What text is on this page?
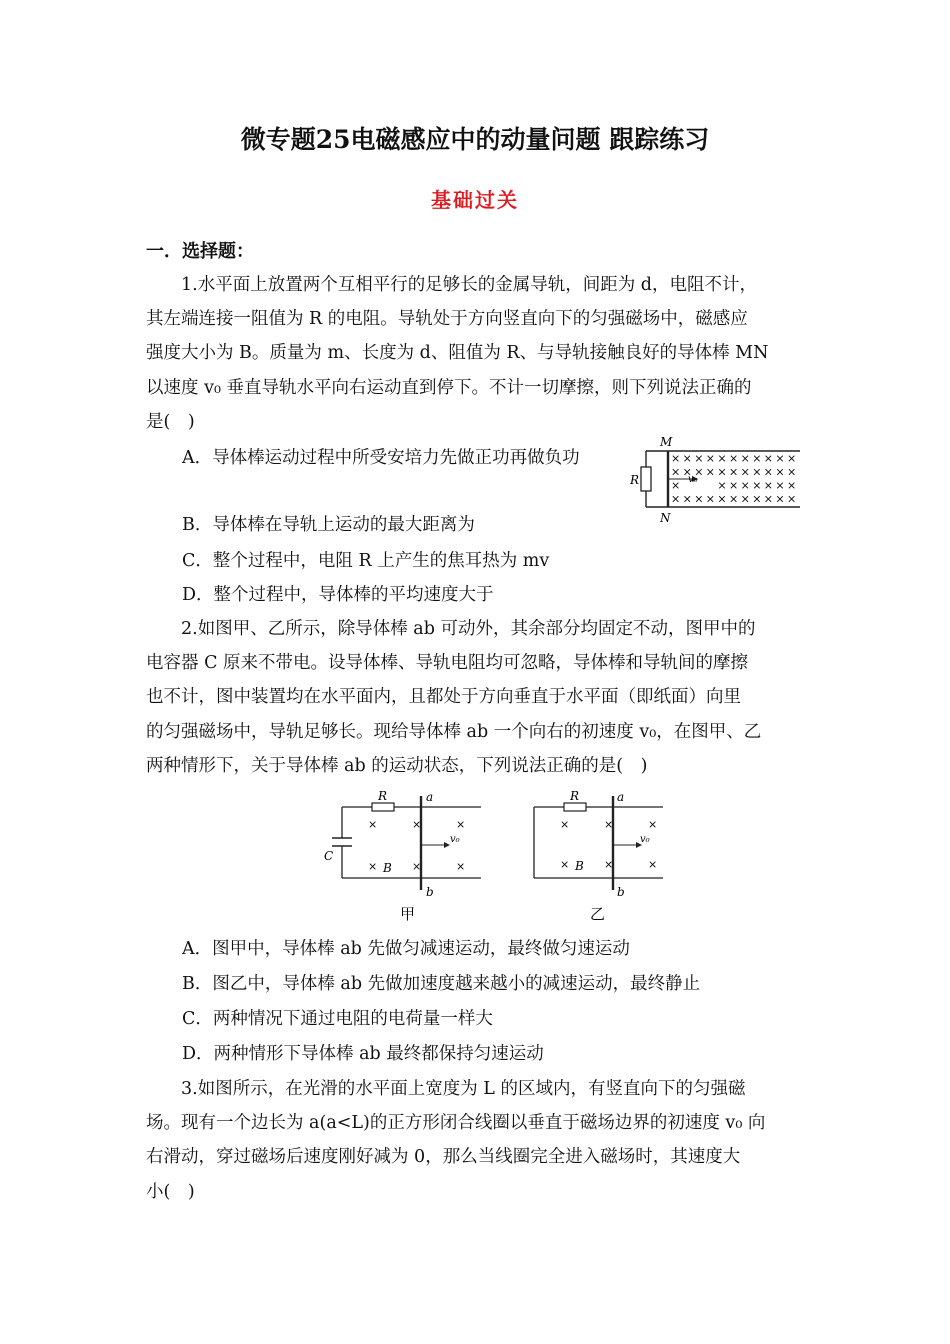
微专题25电磁感应中的动量问题 跟踪练习
基础过关
一．选择题：
1.水平面上放置两个互相平行的足够长的金属导轨，间距为 d，电阻不计，
其左端连接一阻值为 R 的电阻。导轨处于方向竖直向下的匀强磁场中，磁感应
强度大小为 B。质量为 m、长度为 d、阻值为 R、与导轨接触良好的导体棒 MN
以速度 v₀ 垂直导轨水平向右运动直到停下。不计一切摩擦，则下列说法正确的
是(　)
A．导体棒运动过程中所受安培力先做正功再做负功
B．导体棒在导轨上运动的最大距离为
C．整个过程中，电阻 R 上产生的焦耳热为 mv
D．整个过程中，导体棒的平均速度大于
M
N
R	v₀
× × × × × × × × × × ×
× × × × × × × × × × ×
×	× × × × × × ×
× × × × × × × × × × ×
2.如图甲、乙所示，除导体棒 ab 可动外，其余部分均固定不动，图甲中的
电容器 C 原来不带电。设导体棒、导轨电阻均可忽略，导体棒和导轨间的摩擦
也不计，图中装置均在水平面内，且都处于方向垂直于水平面（即纸面）向里
的匀强磁场中，导轨足够长。现给导体棒 ab 一个向右的初速度 v₀，在图甲、乙
两种情形下，关于导体棒 ab 的运动状态，下列说法正确的是(　)
R	a
b
C
B
v₀
×	×	×
×	×	×
甲
R	a
b
B
v₀
×	×	×
×	×	×
乙
A．图甲中，导体棒 ab 先做匀减速运动，最终做匀速运动
B．图乙中，导体棒 ab 先做加速度越来越小的减速运动，最终静止
C．两种情况下通过电阻的电荷量一样大
D．两种情形下导体棒 ab 最终都保持匀速运动
3.如图所示，在光滑的水平面上宽度为 L 的区域内，有竖直向下的匀强磁
场。现有一个边长为 a(a<L)的正方形闭合线圈以垂直于磁场边界的初速度 v₀ 向
右滑动，穿过磁场后速度刚好减为 0，那么当线圈完全进入磁场时，其速度大
小(　)
